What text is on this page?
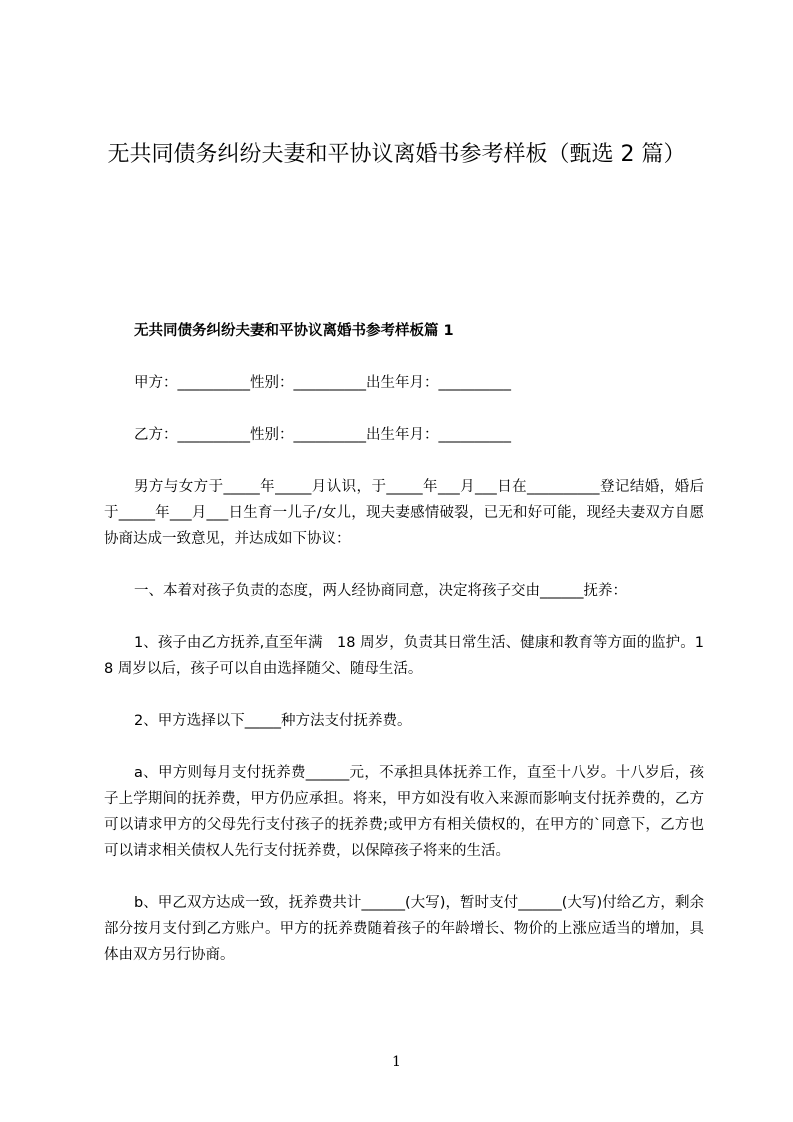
无共同债务纠纷夫妻和平协议离婚书参考样板（甄选 2 篇）

无共同债务纠纷夫妻和平协议离婚书参考样板篇 1

甲方：__________性别：__________出生年月：__________

乙方：__________性别：__________出生年月：__________

男方与女方于_____年_____月认识，于_____年___月___日在__________登记结婚，婚后于_____年___月___日生育一儿子/女儿，现夫妻感情破裂，已无和好可能，现经夫妻双方自愿协商达成一致意见，并达成如下协议：

一、本着对孩子负责的态度，两人经协商同意，决定将孩子交由______抚养：

1、孩子由乙方抚养,直至年满　18 周岁，负责其日常生活、健康和教育等方面的监护。18 周岁以后，孩子可以自由选择随父、随母生活。

2、甲方选择以下_____种方法支付抚养费。

a、甲方则每月支付抚养费______元，不承担具体抚养工作，直至十八岁。十八岁后，孩子上学期间的抚养费，甲方仍应承担。将来，甲方如没有收入来源而影响支付抚养费的，乙方可以请求甲方的父母先行支付孩子的抚养费;或甲方有相关债权的，在甲方的`同意下，乙方也可以请求相关债权人先行支付抚养费，以保障孩子将来的生活。

b、甲乙双方达成一致，抚养费共计______(大写)，暂时支付______(大写)付给乙方，剩余部分按月支付到乙方账户。甲方的抚养费随着孩子的年龄增长、物价的上涨应适当的增加，具体由双方另行协商。

1
